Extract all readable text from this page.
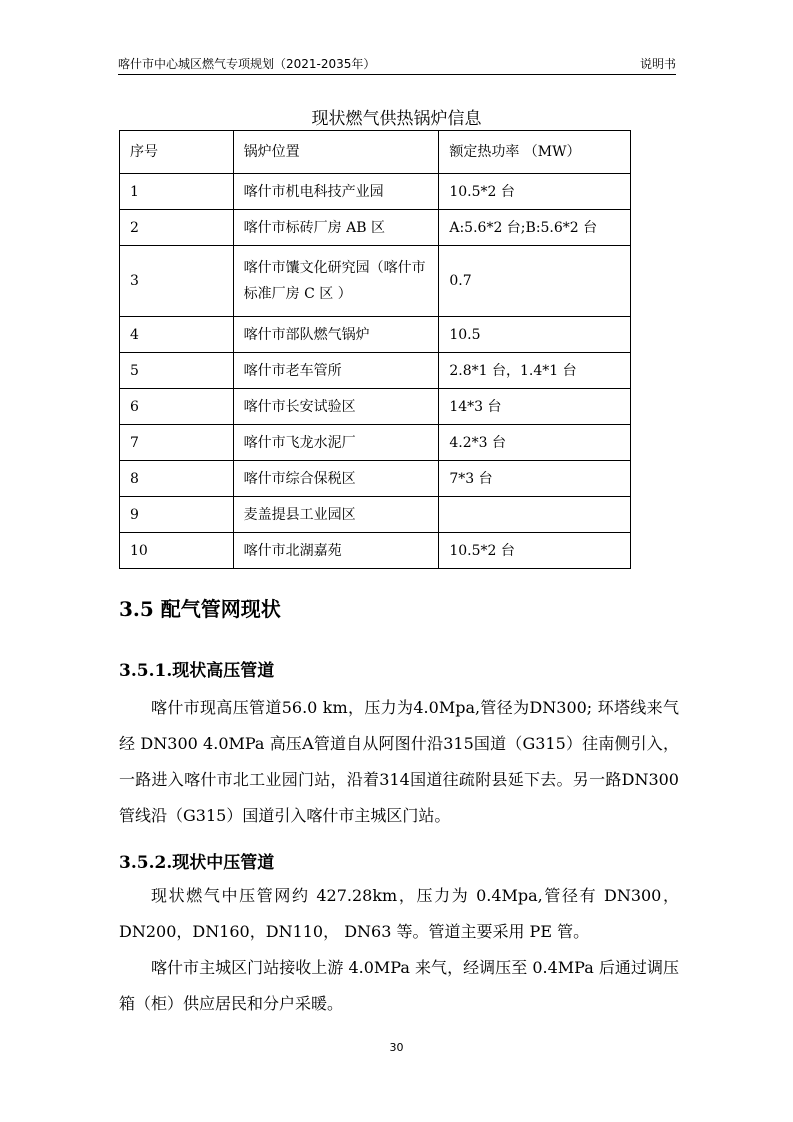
喀什市中心城区燃气专项规划（2021-2035年）	说明书
现状燃气供热锅炉信息
序号	锅炉位置	额定热功率 （MW）
1	喀什市机电科技产业园	10.5*2 台
2	喀什市标砖厂房 AB 区	A:5.6*2 台;B:5.6*2 台
3	喀什市馕文化研究园（喀什市标准厂房 C 区 ）	0.7
4	喀什市部队燃气锅炉	10.5
5	喀什市老车管所	2.8*1 台，1.4*1 台
6	喀什市长安试验区	14*3 台
7	喀什市飞龙水泥厂	4.2*3 台
8	喀什市综合保税区	7*3 台
9	麦盖提县工业园区	
10	喀什市北湖嘉苑	10.5*2 台
3.5 配气管网现状
3.5.1.现状高压管道

喀什市现高压管道56.0 km，压力为4.0Mpa,管径为DN300; 环塔线来气经 DN300 4.0MPa 高压A管道自从阿图什沿315国道（G315）往南侧引入，一路进入喀什市北工业园门站，沿着314国道往疏附县延下去。另一路DN300 管线沿（G315）国道引入喀什市主城区门站。

3.5.2.现状中压管道

现状燃气中压管网约 427.28km，压力为 0.4Mpa,管径有 DN300，DN200，DN160，DN110， DN63 等。管道主要采用 PE 管。

喀什市主城区门站接收上游 4.0MPa 来气，经调压至 0.4MPa 后通过调压箱（柜）供应居民和分户采暖。

30
